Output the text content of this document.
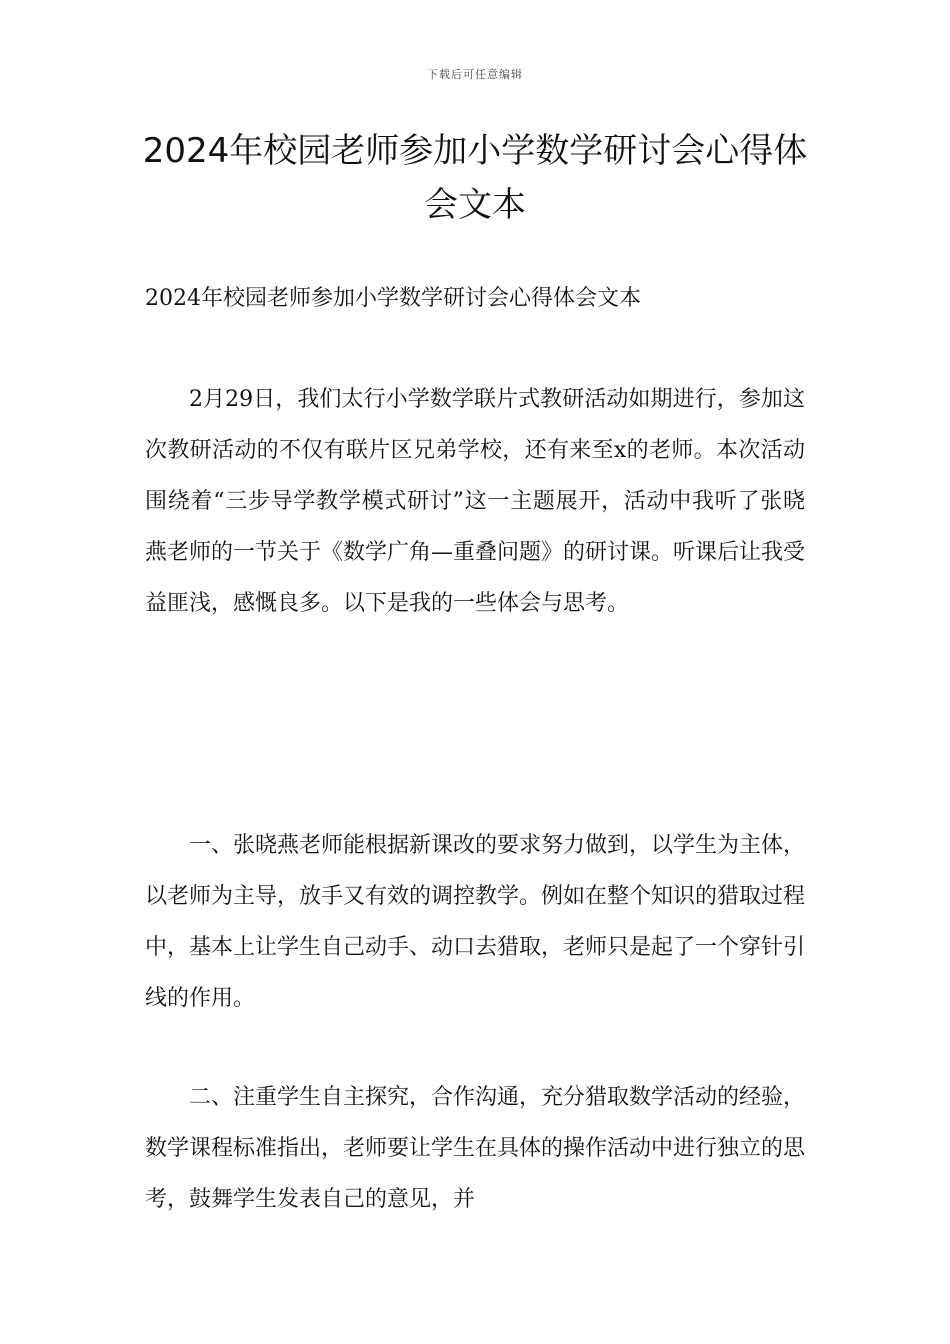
下载后可任意编辑
2024年校园老师参加小学数学研讨会心得体会文本

2024年校园老师参加小学数学研讨会心得体会文本

2月29日，我们太行小学数学联片式教研活动如期进行，参加这次教研活动的不仅有联片区兄弟学校，还有来至x的老师。本次活动围绕着“三步导学教学模式研讨”这一主题展开，活动中我听了张晓燕老师的一节关于《数学广角—重叠问题》的研讨课。听课后让我受益匪浅，感慨良多。以下是我的一些体会与思考。

一、张晓燕老师能根据新课改的要求努力做到，以学生为主体，以老师为主导，放手又有效的调控教学。例如在整个知识的猎取过程中，基本上让学生自己动手、动口去猎取，老师只是起了一个穿针引线的作用。

二、注重学生自主探究，合作沟通，充分猎取数学活动的经验，数学课程标准指出，老师要让学生在具体的操作活动中进行独立的思考，鼓舞学生发表自己的意见，并
